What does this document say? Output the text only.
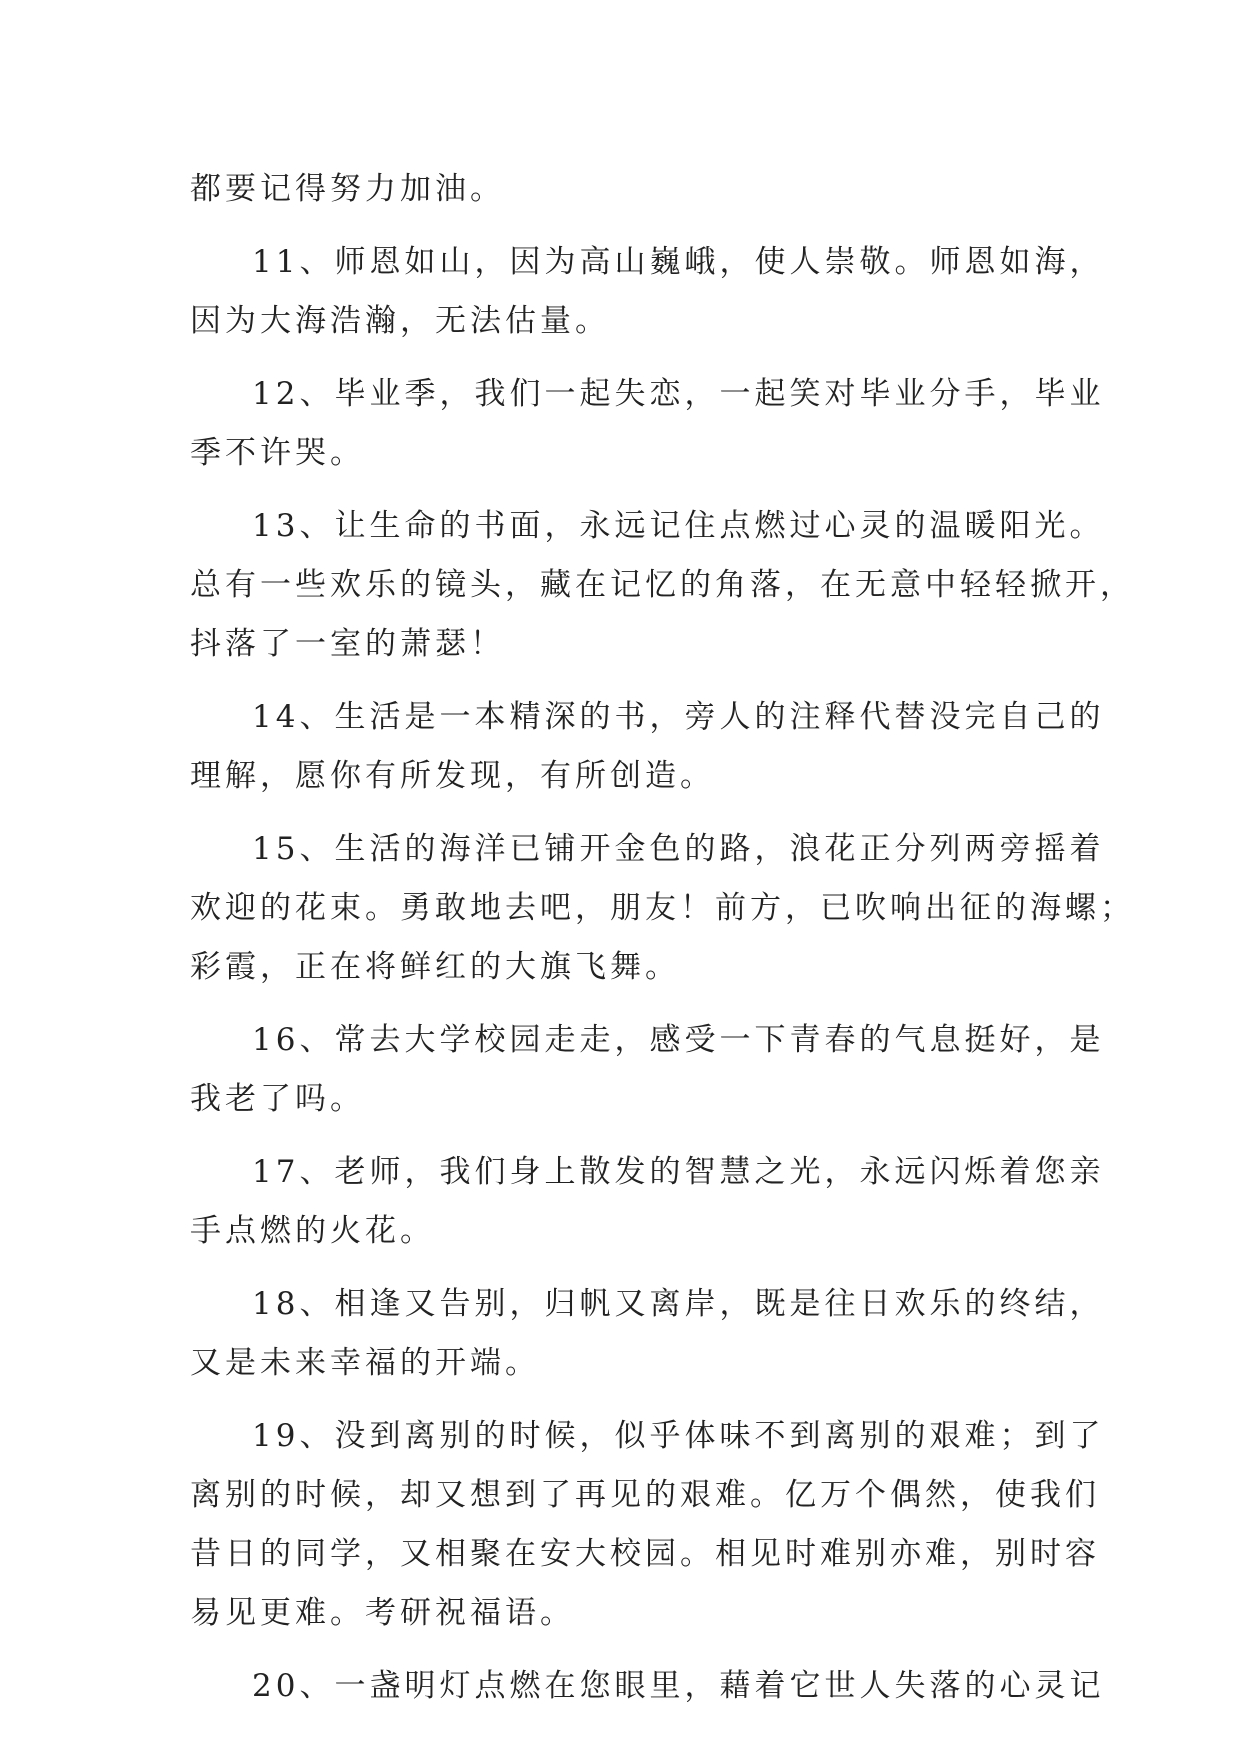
都要记得努力加油。

11、师恩如山，因为高山巍峨，使人崇敬。师恩如海，

因为大海浩瀚，无法估量。

12、毕业季，我们一起失恋，一起笑对毕业分手，毕业

季不许哭。

13、让生命的书面，永远记住点燃过心灵的温暖阳光。

总有一些欢乐的镜头，藏在记忆的角落，在无意中轻轻掀开，

抖落了一室的萧瑟！

14、生活是一本精深的书，旁人的注释代替没完自己的

理解，愿你有所发现，有所创造。

15、生活的海洋已铺开金色的路，浪花正分列两旁摇着

欢迎的花束。勇敢地去吧，朋友！前方，已吹响出征的海螺；

彩霞，正在将鲜红的大旗飞舞。

16、常去大学校园走走，感受一下青春的气息挺好，是

我老了吗。

17、老师，我们身上散发的智慧之光，永远闪烁着您亲

手点燃的火花。

18、相逢又告别，归帆又离岸，既是往日欢乐的终结，

又是未来幸福的开端。

19、没到离别的时候，似乎体味不到离别的艰难；到了

离别的时候，却又想到了再见的艰难。亿万个偶然，使我们

昔日的同学，又相聚在安大校园。相见时难别亦难，别时容

易见更难。考研祝福语。

20、一盏明灯点燃在您眼里，藉着它世人失落的心灵记
